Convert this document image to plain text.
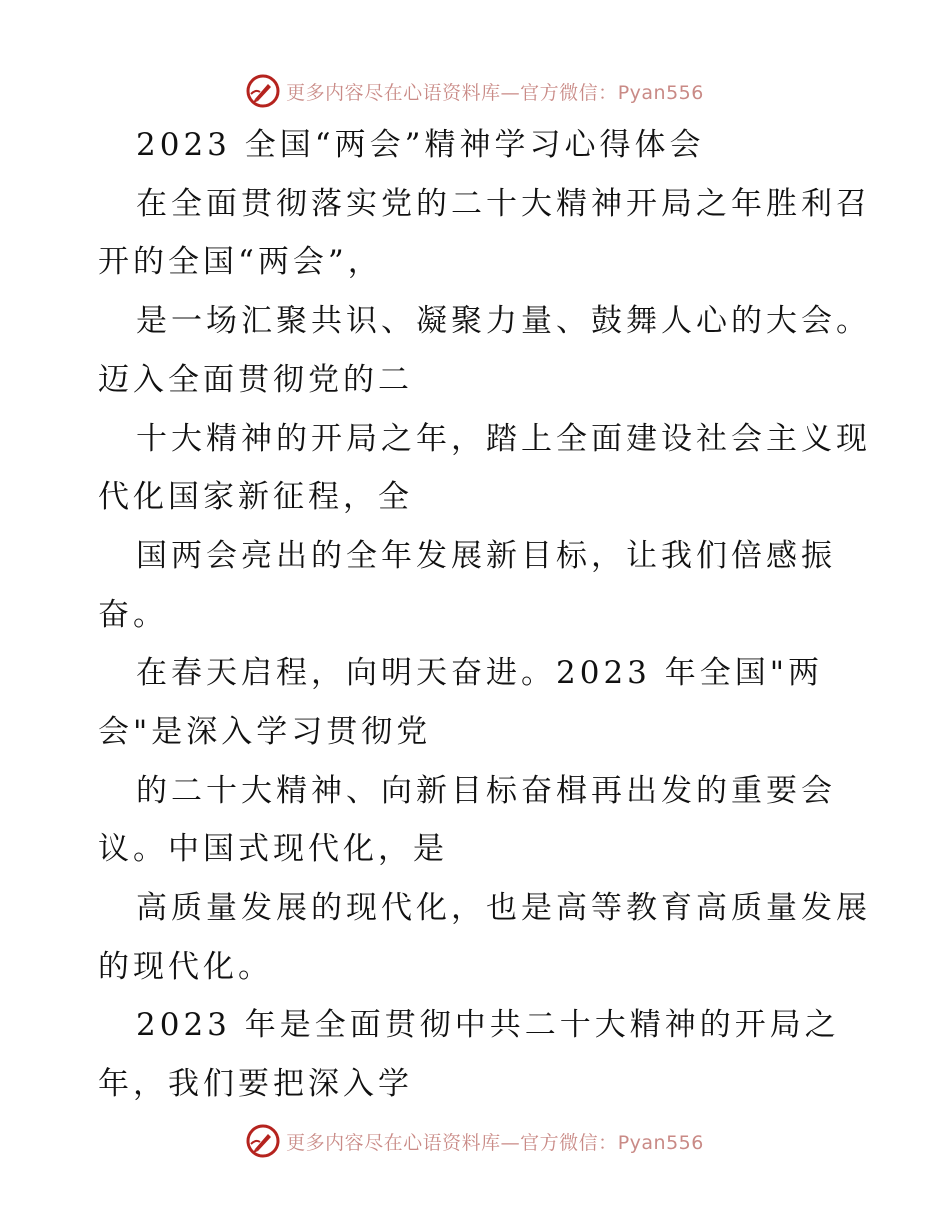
更多内容尽在心语资料库—官方微信：Pyan556
2023 全国“两会”精神学习心得体会
在全面贯彻落实党的二十大精神开局之年胜利召
开的全国“两会”，
是一场汇聚共识、凝聚力量、鼓舞人心的大会。
迈入全面贯彻党的二
十大精神的开局之年，踏上全面建设社会主义现
代化国家新征程，全
国两会亮出的全年发展新目标，让我们倍感振
奋。
在春天启程，向明天奋进。2023 年全国"两
会"是深入学习贯彻党
的二十大精神、向新目标奋楫再出发的重要会
议。中国式现代化，是
高质量发展的现代化，也是高等教育高质量发展
的现代化。
2023 年是全面贯彻中共二十大精神的开局之
年，我们要把深入学
更多内容尽在心语资料库—官方微信：Pyan556
